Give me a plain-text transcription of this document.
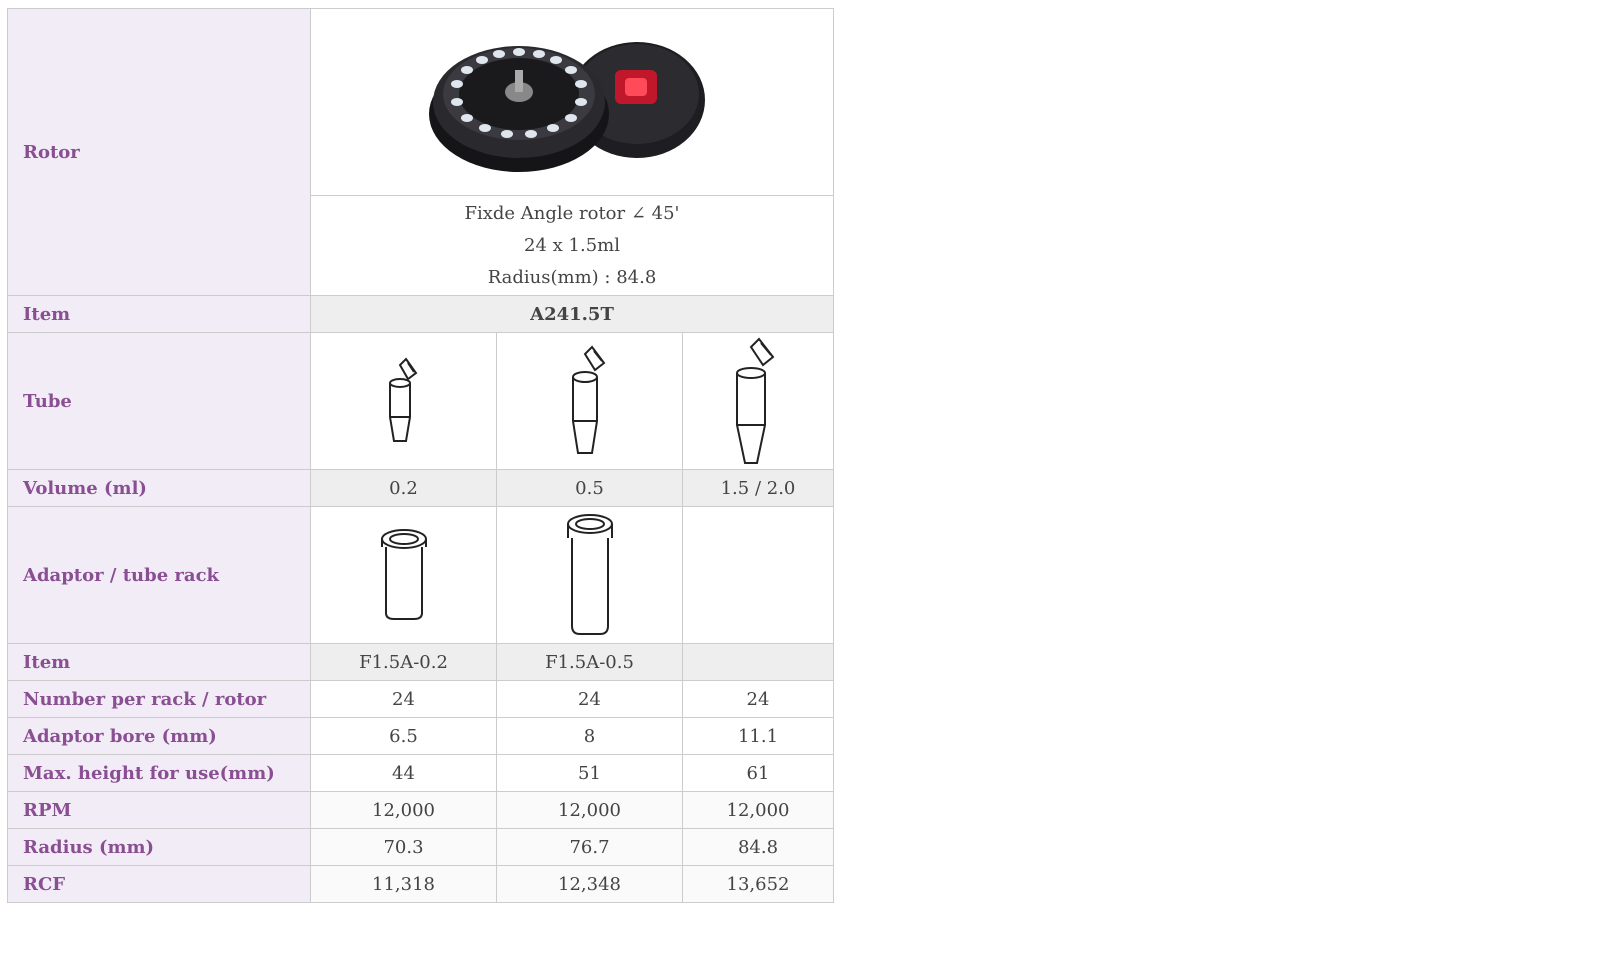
Rotor	

	Fixde Angle rotor ∠ 45'
24 x 1.5ml
Radius(mm) : 84.8		

Item	A241.5T		
Tube	

Volume (ml)	0.2	0.5	1.5 / 2.0
Adaptor / tube rack	

Item	F1.5A-0.2	F1.5A-0.5	
Number per rack / rotor	24	24	24
Adaptor bore (mm)	6.5	8	11.1
Max. height for use(mm)	44	51	61
RPM	12,000	12,000	12,000
Radius (mm)	70.3	76.7	84.8
RCF	11,318	12,348	13,652
